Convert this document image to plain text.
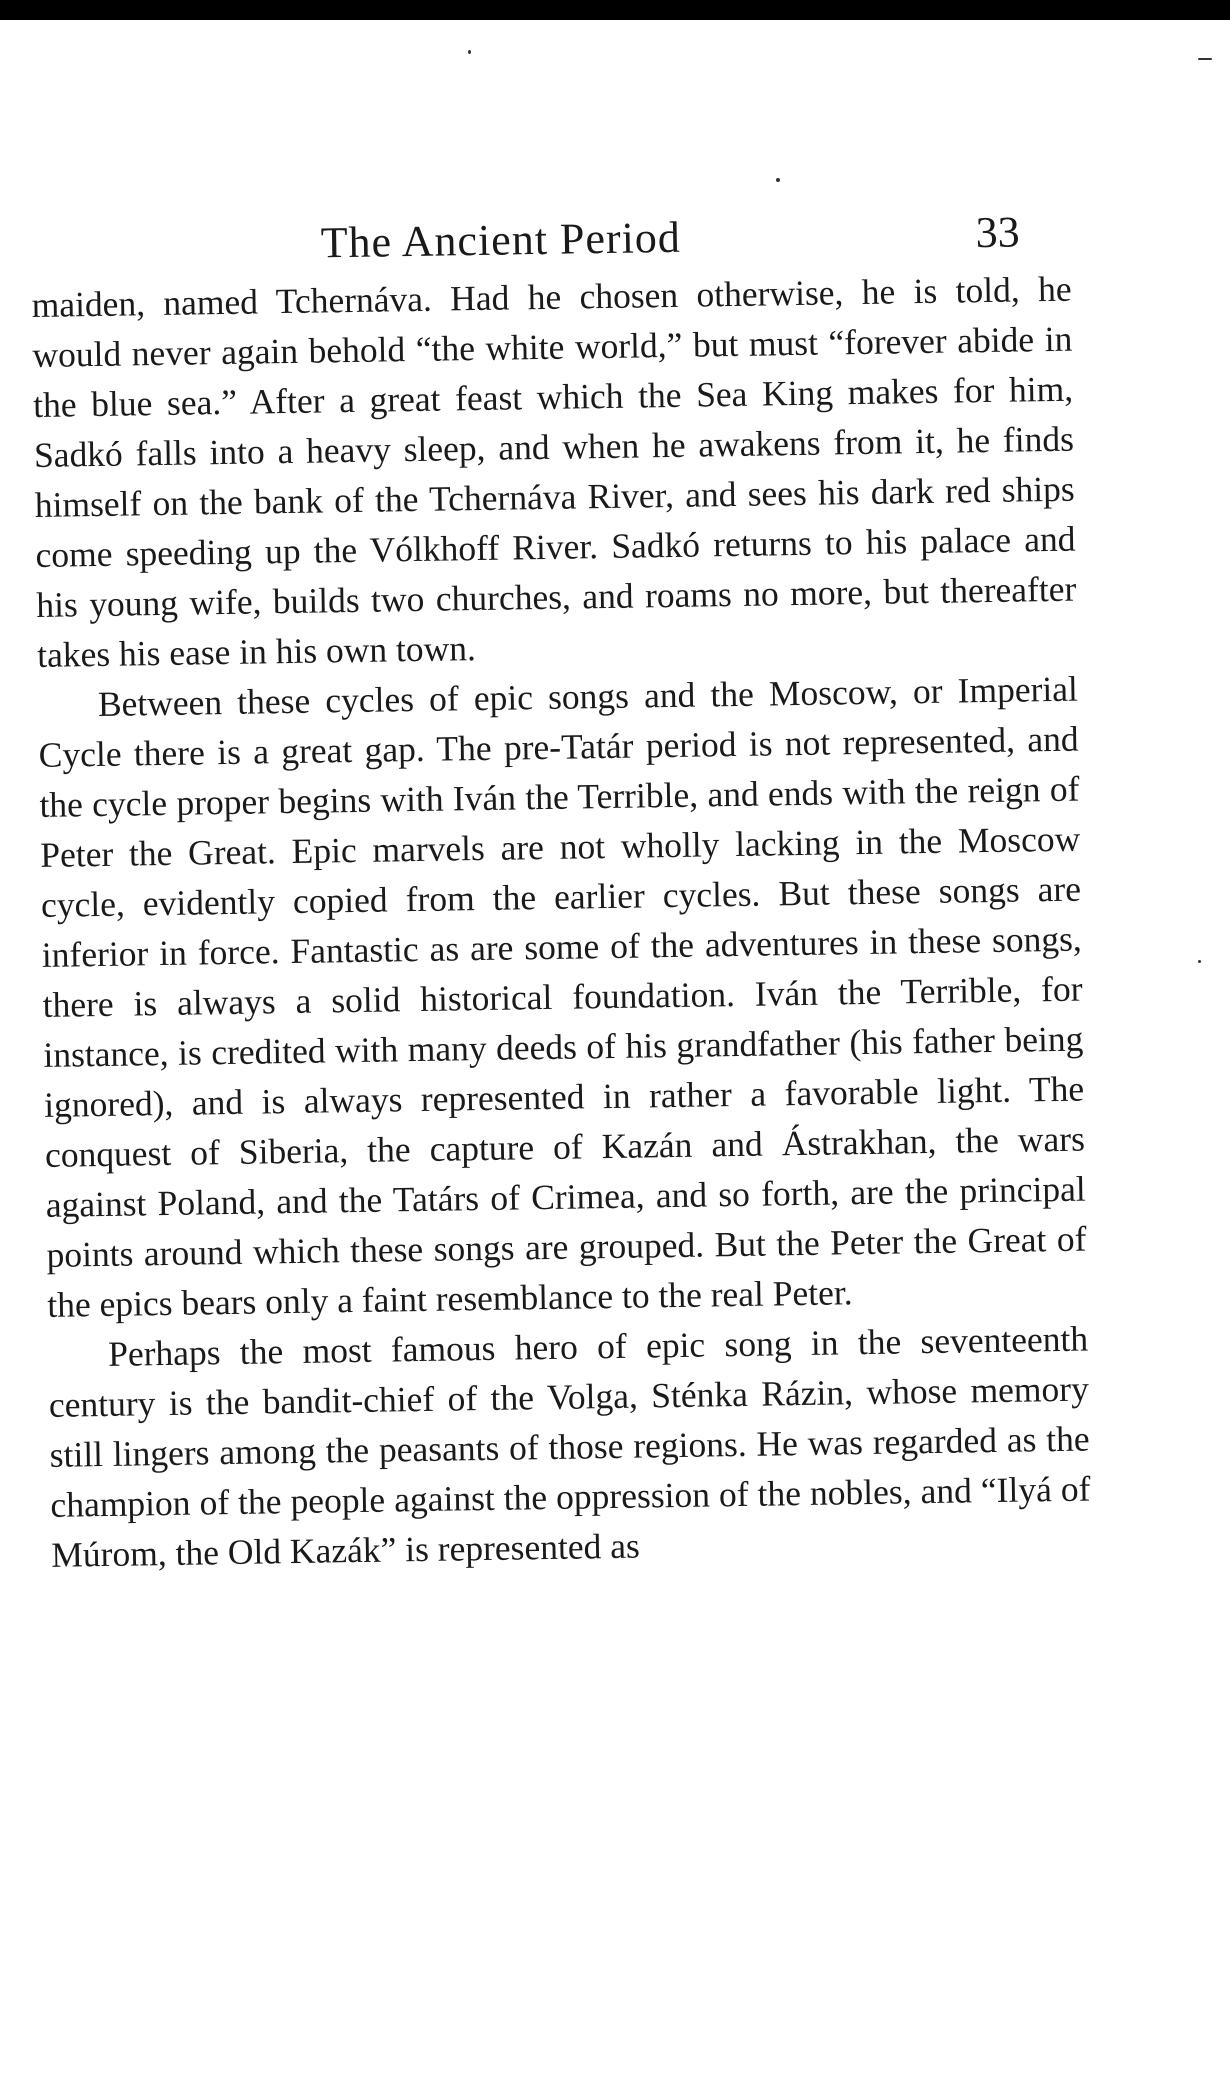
The Ancient Period	33

maiden, named Tchernáva. Had he chosen otherwise, he is told, he would never again behold “the white world,” but must “forever abide in the blue sea.” After a great feast which the Sea King makes for him, Sadkó falls into a heavy sleep, and when he awakens from it, he finds himself on the bank of the Tchernáva River, and sees his dark red ships come speeding up the Vólkhoff River. Sadkó returns to his palace and his young wife, builds two churches, and roams no more, but thereafter takes his ease in his own town.

Between these cycles of epic songs and the Moscow, or Imperial Cycle there is a great gap. The pre-Tatár period is not represented, and the cycle proper begins with Iván the Terrible, and ends with the reign of Peter the Great. Epic marvels are not wholly lacking in the Moscow cycle, evidently copied from the earlier cycles. But these songs are inferior in force. Fantastic as are some of the adventures in these songs, there is always a solid historical foundation. Iván the Terrible, for instance, is credited with many deeds of his grandfather (his father being ignored), and is always represented in rather a favorable light. The conquest of Siberia, the capture of Kazán and Ástrakhan, the wars against Poland, and the Tatárs of Crimea, and so forth, are the principal points around which these songs are grouped. But the Peter the Great of the epics bears only a faint resemblance to the real Peter.

Perhaps the most famous hero of epic song in the seventeenth century is the bandit-chief of the Volga, Sténka Rázin, whose memory still lingers among the peasants of those regions. He was regarded as the champion of the people against the oppression of the nobles, and “Ilyá of Múrom, the Old Kazák” is represented as
